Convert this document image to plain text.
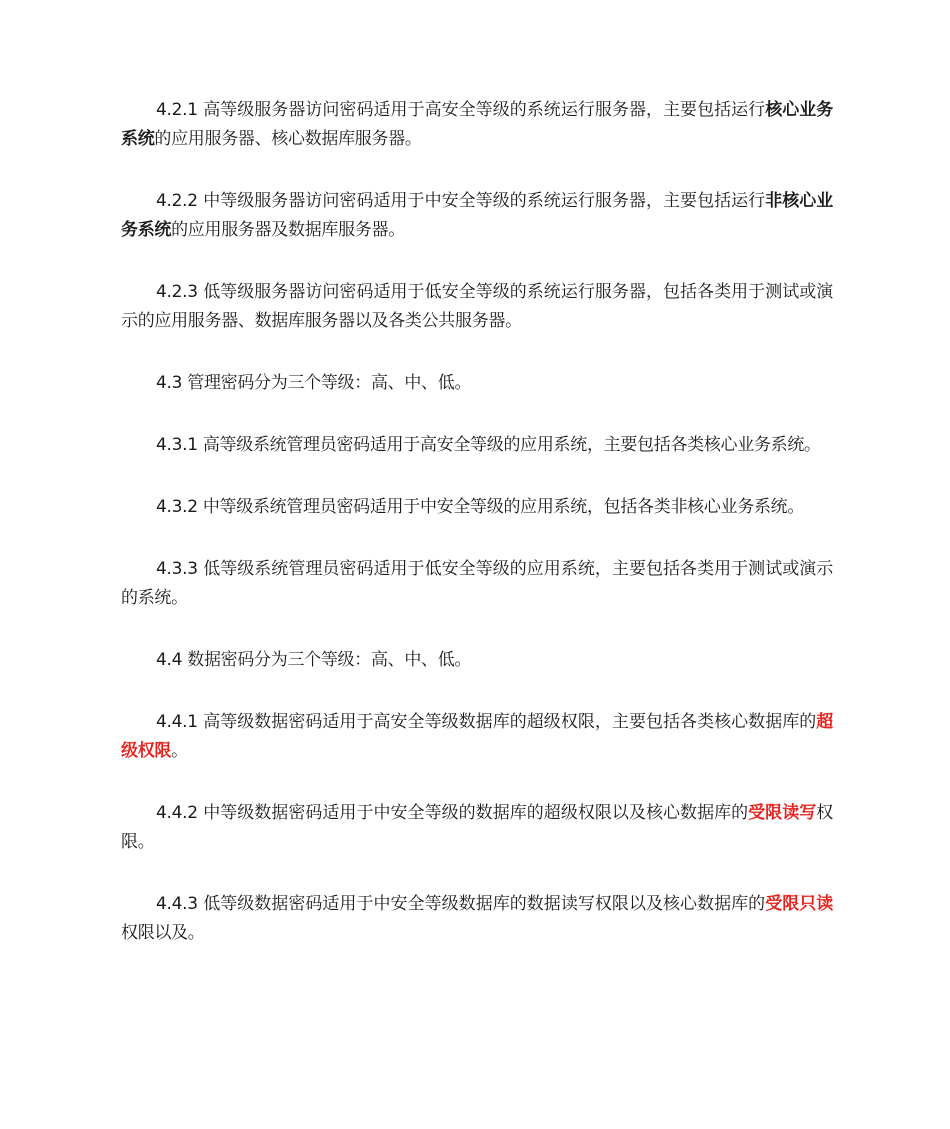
4.2.1 高等级服务器访问密码适用于高安全等级的系统运行服务器，主要包括运行核心业务系统的应用服务器、核心数据库服务器。

4.2.2 中等级服务器访问密码适用于中安全等级的系统运行服务器，主要包括运行非核心业务系统的应用服务器及数据库服务器。

4.2.3 低等级服务器访问密码适用于低安全等级的系统运行服务器，包括各类用于测试或演示的应用服务器、数据库服务器以及各类公共服务器。

4.3 管理密码分为三个等级：高、中、低。

4.3.1 高等级系统管理员密码适用于高安全等级的应用系统，主要包括各类核心业务系统。

4.3.2 中等级系统管理员密码适用于中安全等级的应用系统，包括各类非核心业务系统。

4.3.3 低等级系统管理员密码适用于低安全等级的应用系统，主要包括各类用于测试或演示的系统。

4.4 数据密码分为三个等级：高、中、低。

4.4.1 高等级数据密码适用于高安全等级数据库的超级权限，主要包括各类核心数据库的超级权限。

4.4.2 中等级数据密码适用于中安全等级的数据库的超级权限以及核心数据库的受限读写权限。

4.4.3 低等级数据密码适用于中安全等级数据库的数据读写权限以及核心数据库的受限只读权限以及。
